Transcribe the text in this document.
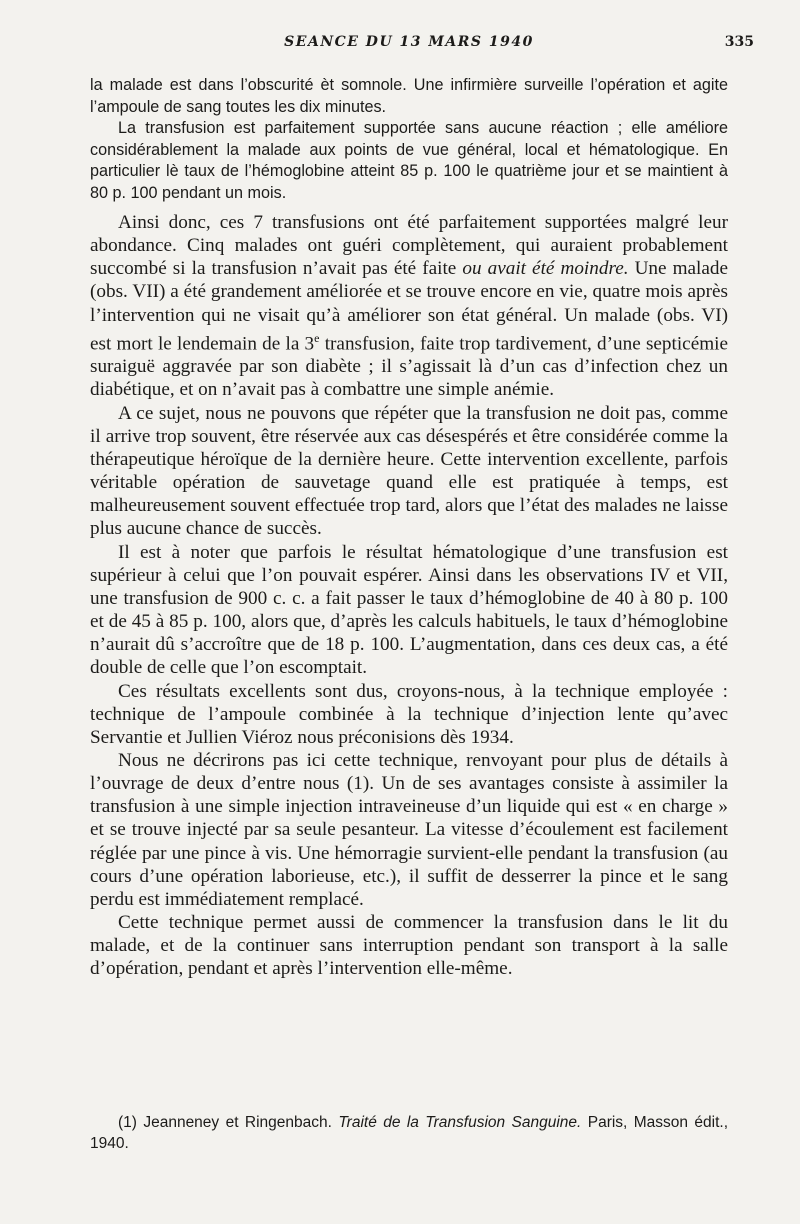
SEANCE DU 13 MARS 1940	335

la malade est dans l’obscurité èt somnole. Une infirmière surveille l’opération et agite l’ampoule de sang toutes les dix minutes.

La transfusion est parfaitement supportée sans aucune réaction ; elle améliore considérablement la malade aux points de vue général, local et hématologique. En particulier lè taux de l’hémoglobine atteint 85 p. 100 le quatrième jour et se maintient à 80 p. 100 pendant un mois.

Ainsi donc, ces 7 transfusions ont été parfaitement supportées malgré leur abondance. Cinq malades ont guéri complètement, qui auraient probablement succombé si la transfusion n’avait pas été faite ou avait été moindre. Une malade (obs. VII) a été grandement améliorée et se trouve encore en vie, quatre mois après l’intervention qui ne visait qu’à améliorer son état général. Un malade (obs. VI) est mort le lendemain de la 3e transfusion, faite trop tardivement, d’une septicémie suraiguë aggravée par son diabète ; il s’agissait là d’un cas d’infection chez un diabétique, et on n’avait pas à combattre une simple anémie.

A ce sujet, nous ne pouvons que répéter que la transfusion ne doit pas, comme il arrive trop souvent, être réservée aux cas désespérés et être considérée comme la thérapeutique héroïque de la dernière heure. Cette intervention excellente, parfois véritable opération de sauvetage quand elle est pratiquée à temps, est malheureusement souvent effectuée trop tard, alors que l’état des malades ne laisse plus aucune chance de succès.

Il est à noter que parfois le résultat hématologique d’une transfusion est supérieur à celui que l’on pouvait espérer. Ainsi dans les observations IV et VII, une transfusion de 900 c. c. a fait passer le taux d’hémoglobine de 40 à 80 p. 100 et de 45 à 85 p. 100, alors que, d’après les calculs habituels, le taux d’hémoglobine n’aurait dû s’accroître que de 18 p. 100. L’augmentation, dans ces deux cas, a été double de celle que l’on escomptait.

Ces résultats excellents sont dus, croyons-nous, à la technique employée : technique de l’ampoule combinée à la technique d’injection lente qu’avec Servantie et Jullien Viéroz nous préconisions dès 1934.

Nous ne décrirons pas ici cette technique, renvoyant pour plus de détails à l’ouvrage de deux d’entre nous (1). Un de ses avantages consiste à assimiler la transfusion à une simple injection intraveineuse d’un liquide qui est « en charge » et se trouve injecté par sa seule pesanteur. La vitesse d’écoulement est facilement réglée par une pince à vis. Une hémorragie survient-elle pendant la transfusion (au cours d’une opération laborieuse, etc.), il suffit de desserrer la pince et le sang perdu est immédiatement remplacé.

Cette technique permet aussi de commencer la transfusion dans le lit du malade, et de la continuer sans interruption pendant son transport à la salle d’opération, pendant et après l’intervention elle-même.

(1) Jeanneney et Ringenbach. Traité de la Transfusion Sanguine. Paris, Masson édit., 1940.
